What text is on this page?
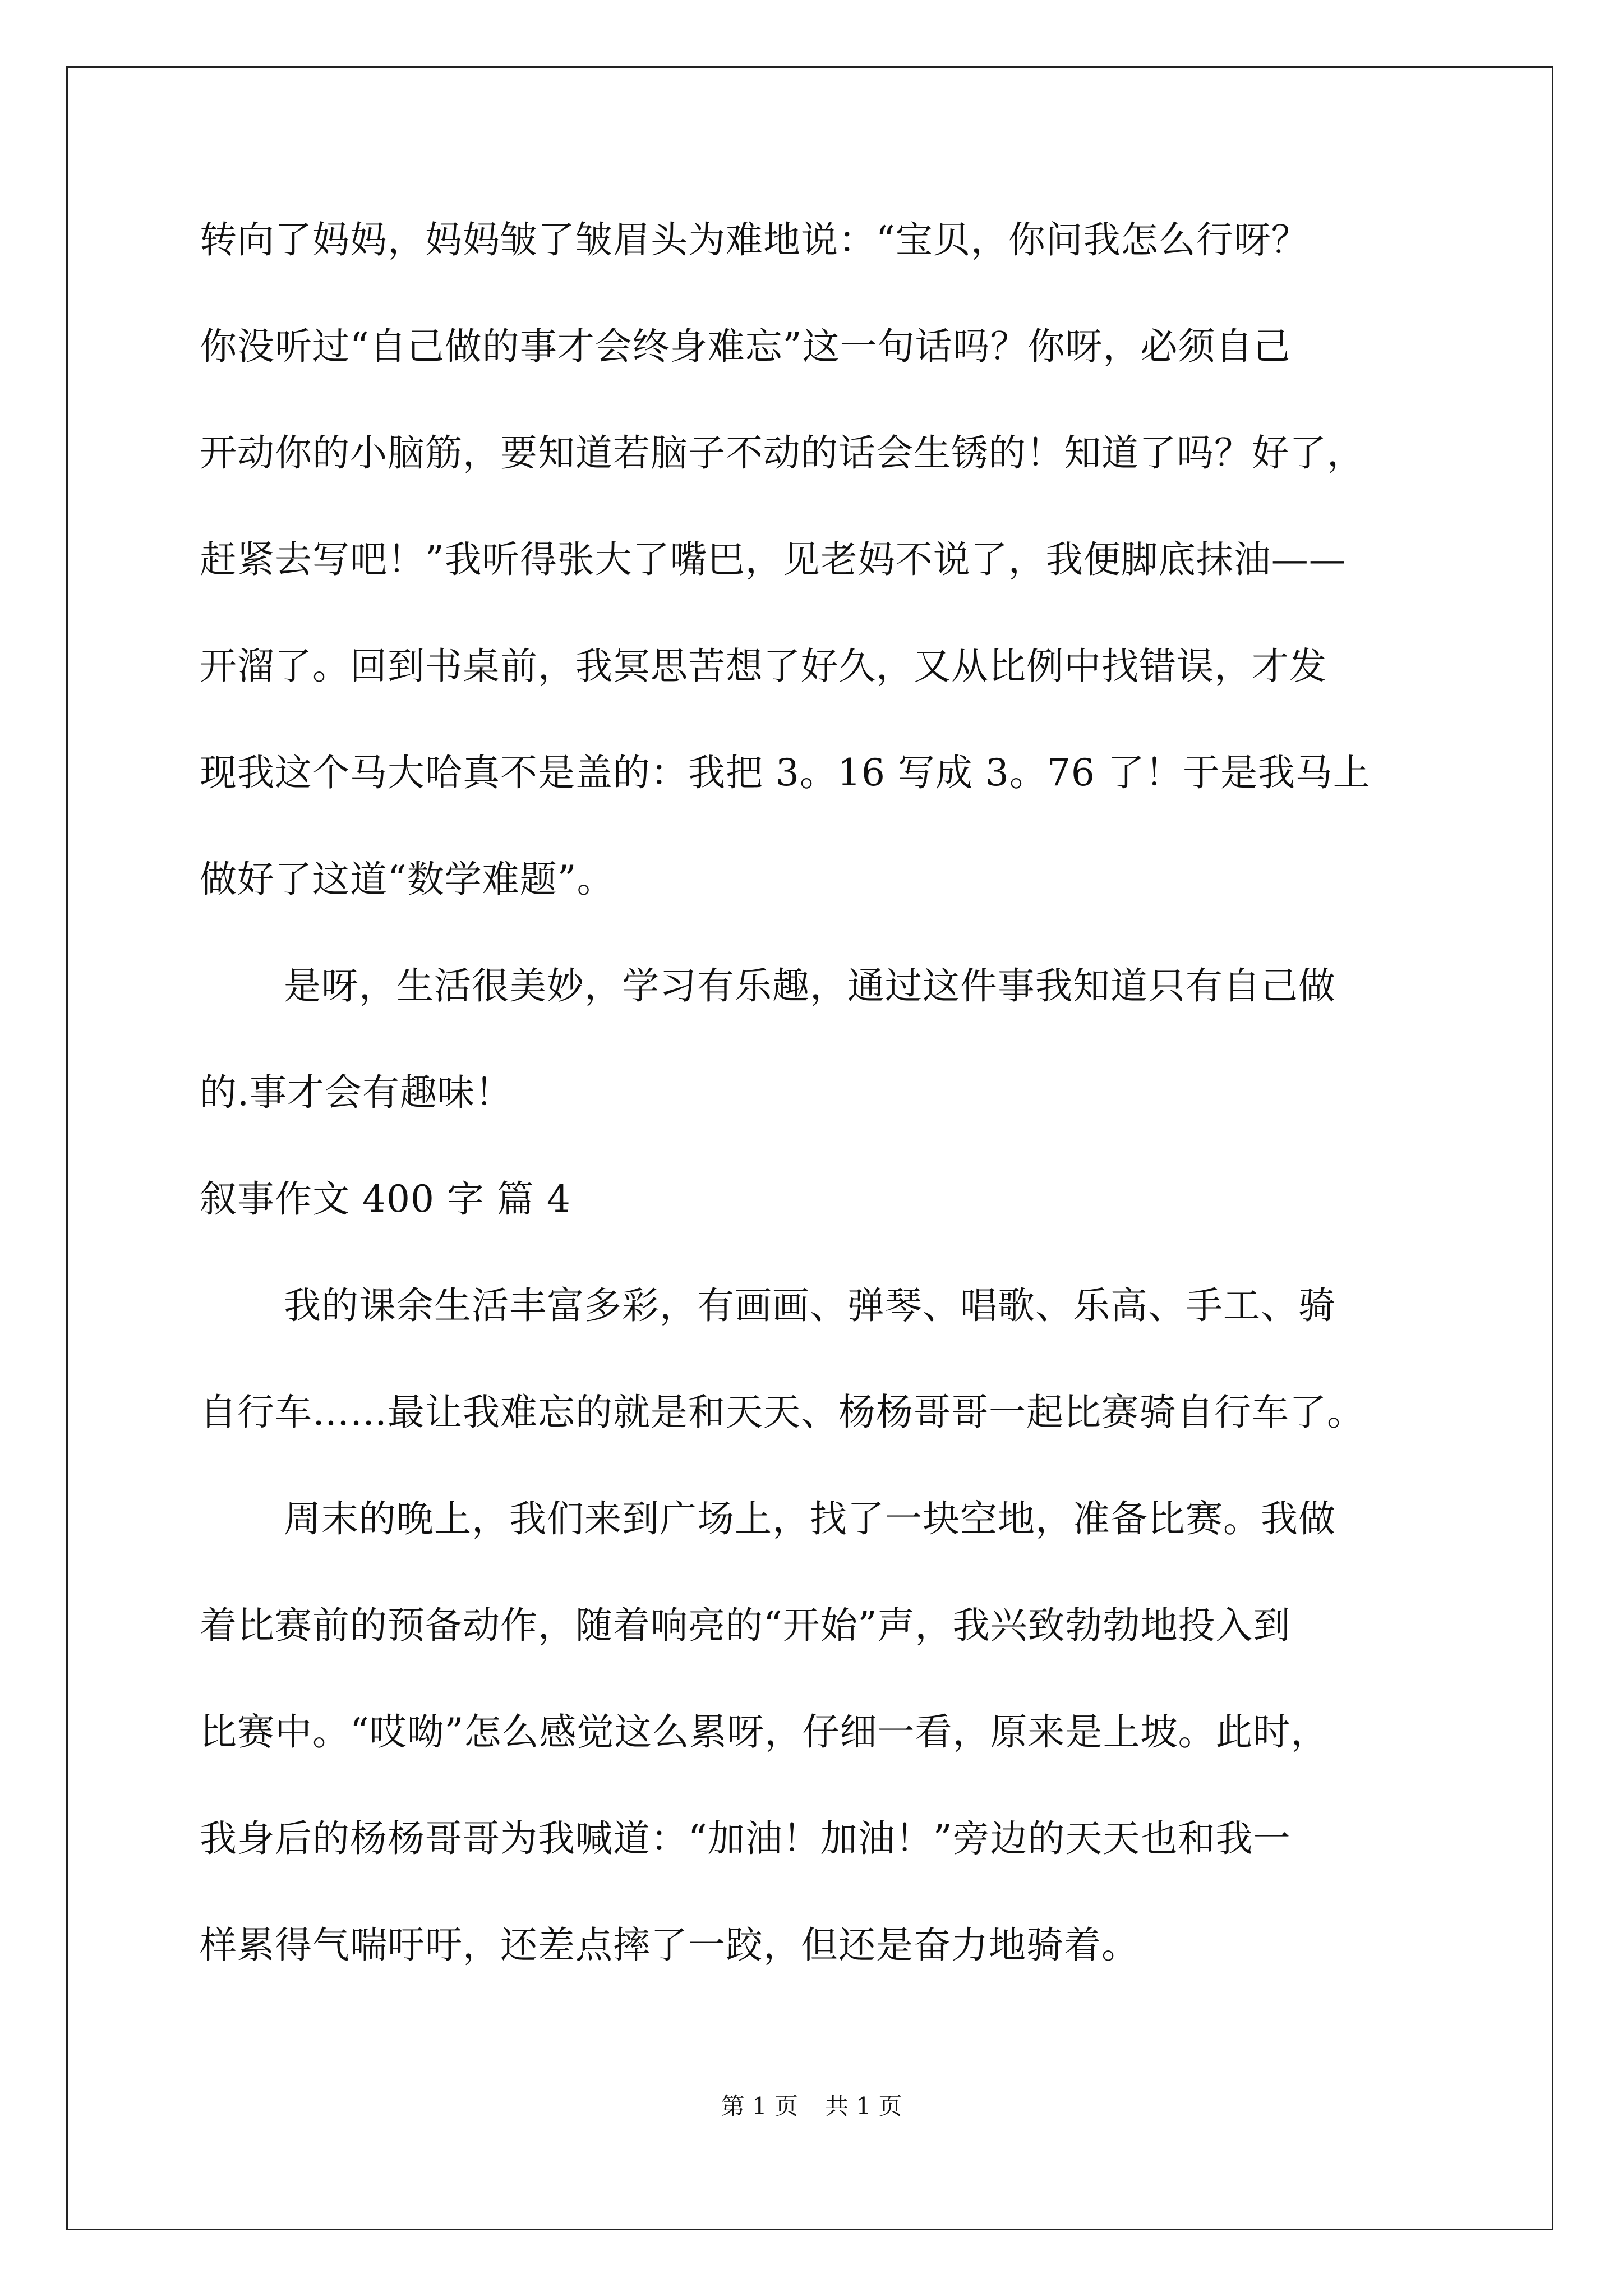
转向了妈妈，妈妈皱了皱眉头为难地说：“宝贝，你问我怎么行呀？
你没听过“自己做的事才会终身难忘”这一句话吗？你呀，必须自己
开动你的小脑筋，要知道若脑子不动的话会生锈的！知道了吗？好了，
赶紧去写吧！”我听得张大了嘴巴，见老妈不说了，我便脚底抹油——
开溜了。回到书桌前，我冥思苦想了好久，又从比例中找错误，才发
现我这个马大哈真不是盖的：我把 3。16 写成 3。76 了！于是我马上
做好了这道“数学难题”。
是呀，生活很美妙，学习有乐趣，通过这件事我知道只有自己做
的.事才会有趣味！
叙事作文 400 字 篇 4
我的课余生活丰富多彩，有画画、弹琴、唱歌、乐高、手工、骑
自行车……最让我难忘的就是和天天、杨杨哥哥一起比赛骑自行车了。
周末的晚上，我们来到广场上，找了一块空地，准备比赛。我做
着比赛前的预备动作，随着响亮的“开始”声，我兴致勃勃地投入到
比赛中。“哎呦”怎么感觉这么累呀，仔细一看，原来是上坡。此时，
我身后的杨杨哥哥为我喊道：“加油！加油！”旁边的天天也和我一
样累得气喘吁吁，还差点摔了一跤，但还是奋力地骑着。
第 1 页 共 1 页
